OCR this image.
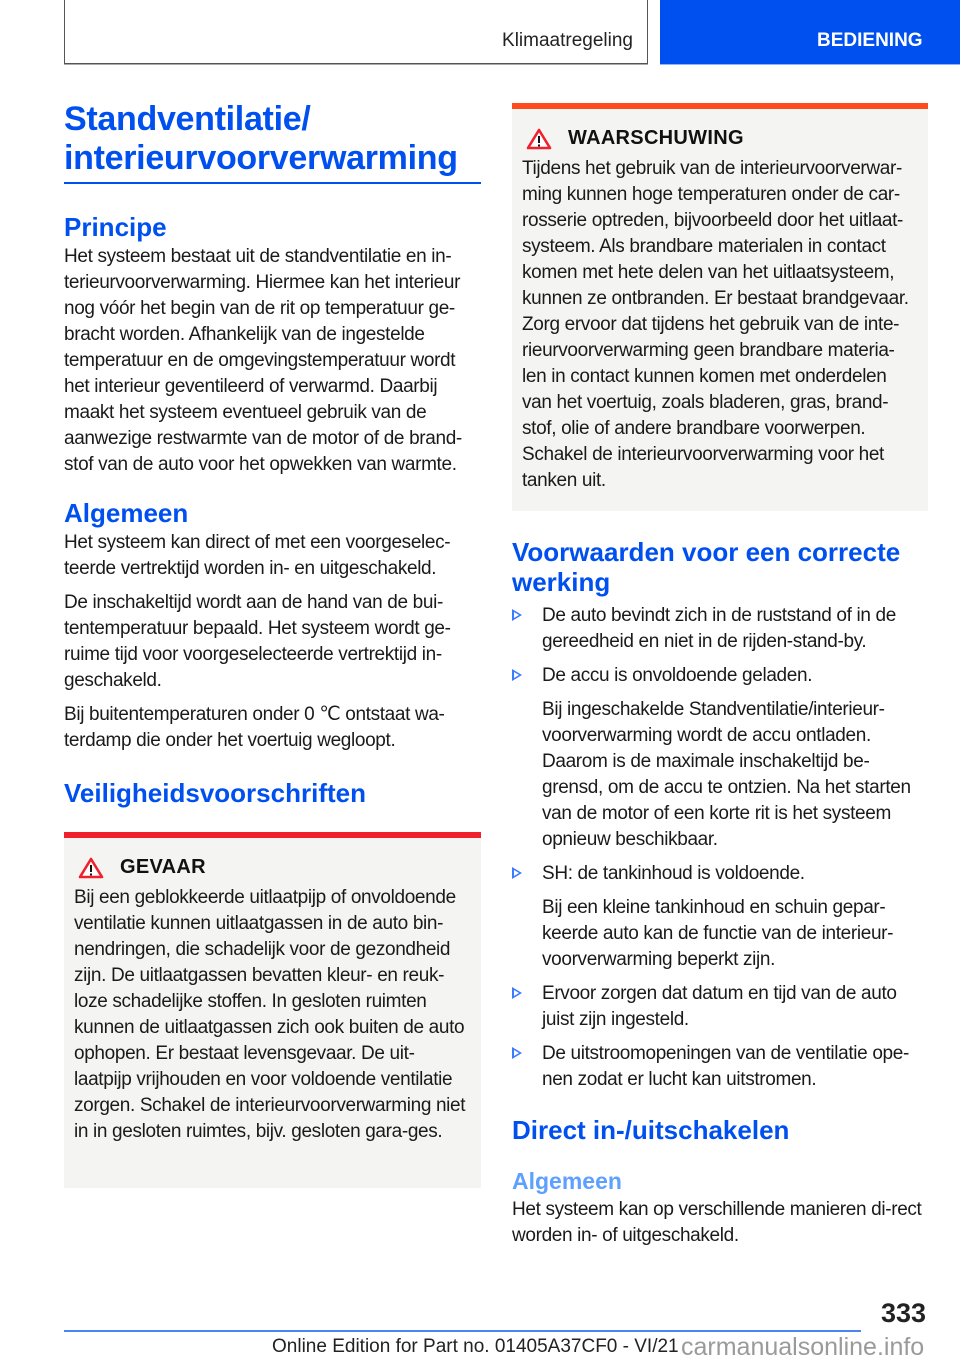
Klimaatregeling	BEDIENING
Standventilatie/
interieurvoorverwarming
Principe

Het systeem bestaat uit de standventilatie en in-terieurvoorverwarming. Hiermee kan het interieur nog vóór het begin van de rit op temperatuur ge-bracht worden. Afhankelijk van de ingestelde temperatuur en de omgevingstemperatuur wordt het interieur geventileerd of verwarmd. Daarbij maakt het systeem eventueel gebruik van de aanwezige restwarmte van de motor of de brand-stof van de auto voor het opwekken van warmte.

Algemeen

Het systeem kan direct of met een voorgeselec-teerde vertrektijd worden in- en uitgeschakeld.

De inschakeltijd wordt aan de hand van de bui-tentemperatuur bepaald. Het systeem wordt ge-ruime tijd voor voorgeselecteerde vertrektijd in-geschakeld.

Bij buitentemperaturen onder 0 ℃ ontstaat wa-terdamp die onder het voertuig wegloopt.

Veiligheidsvoorschriften
GEVAAR

Bij een geblokkeerde uitlaatpijp of onvoldoende ventilatie kunnen uitlaatgassen in de auto bin-nendringen, die schadelijk voor de gezondheid zijn. De uitlaatgassen bevatten kleur- en reuk-loze schadelijke stoffen. In gesloten ruimten kunnen de uitlaatgassen zich ook buiten de auto ophopen. Er bestaat levensgevaar. De uit-laatpijp vrijhouden en voor voldoende ventilatie zorgen. Schakel de interieurvoorverwarming niet in in gesloten ruimtes, bijv. gesloten gara-ges.

WAARSCHUWING

Tijdens het gebruik van de interieurvoorverwar-ming kunnen hoge temperaturen onder de car-rosserie optreden, bijvoorbeeld door het uitlaat-systeem. Als brandbare materialen in contact komen met hete delen van het uitlaatsysteem, kunnen ze ontbranden. Er bestaat brandgevaar. Zorg ervoor dat tijdens het gebruik van de inte-rieurvoorverwarming geen brandbare materia-len in contact kunnen komen met onderdelen van het voertuig, zoals bladeren, gras, brand-stof, olie of andere brandbare voorwerpen. Schakel de interieurvoorverwarming voor het tanken uit.

Voorwaarden voor een correcte werking

De auto bevindt zich in de ruststand of in de gereedheid en niet in de rijden-stand-by.

De accu is onvoldoende geladen.

Bij ingeschakelde Standventilatie/interieur-voorverwarming wordt de accu ontladen. Daarom is de maximale inschakeltijd be-grensd, om de accu te ontzien. Na het starten van de motor of een korte rit is het systeem opnieuw beschikbaar.

SH: de tankinhoud is voldoende.

Bij een kleine tankinhoud en schuin gepar-keerde auto kan de functie van de interieur-voorverwarming beperkt zijn.

Ervoor zorgen dat datum en tijd van de auto juist zijn ingesteld.

De uitstroomopeningen van de ventilatie ope-nen zodat er lucht kan uitstromen.

Direct in-/uitschakelen
Algemeen

Het systeem kan op verschillende manieren di-rect worden in- of uitgeschakeld.

333
Online Edition for Part no. 01405A37CF0 - VI/21 carmanualsonline.info
